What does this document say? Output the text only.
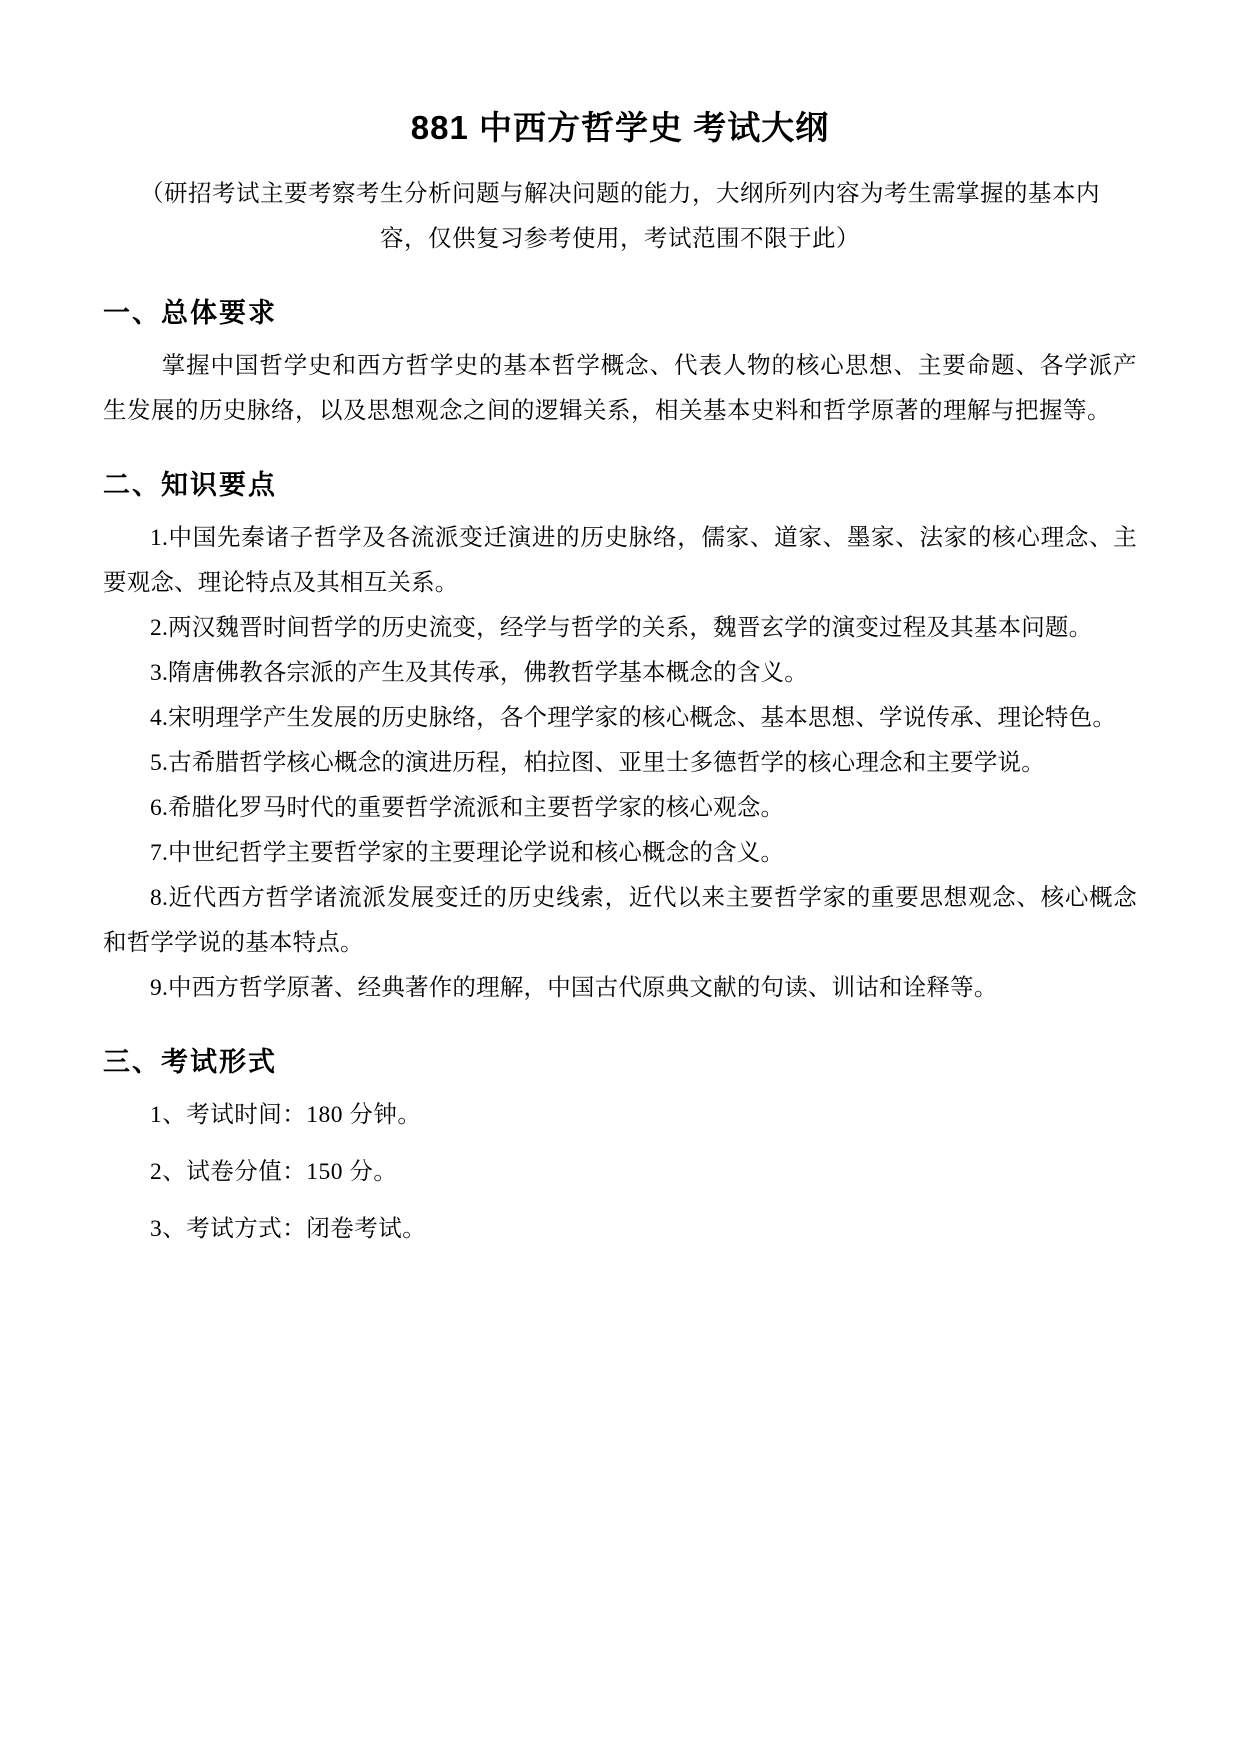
881 中西方哲学史 考试大纲
（研招考试主要考察考生分析问题与解决问题的能力，大纲所列内容为考生需掌握的基本内
容，仅供复习参考使用，考试范围不限于此）
一、总体要求

掌握中国哲学史和西方哲学史的基本哲学概念、代表人物的核心思想、主要命题、各学派产生发展的历史脉络，以及思想观念之间的逻辑关系，相关基本史料和哲学原著的理解与把握等。

二、知识要点

1.中国先秦诸子哲学及各流派变迁演进的历史脉络，儒家、道家、墨家、法家的核心理念、主要观念、理论特点及其相互关系。

2.两汉魏晋时间哲学的历史流变，经学与哲学的关系，魏晋玄学的演变过程及其基本问题。

3.隋唐佛教各宗派的产生及其传承，佛教哲学基本概念的含义。

4.宋明理学产生发展的历史脉络，各个理学家的核心概念、基本思想、学说传承、理论特色。

5.古希腊哲学核心概念的演进历程，柏拉图、亚里士多德哲学的核心理念和主要学说。

6.希腊化罗马时代的重要哲学流派和主要哲学家的核心观念。

7.中世纪哲学主要哲学家的主要理论学说和核心概念的含义。

8.近代西方哲学诸流派发展变迁的历史线索，近代以来主要哲学家的重要思想观念、核心概念和哲学学说的基本特点。

9.中西方哲学原著、经典著作的理解，中国古代原典文献的句读、训诂和诠释等。

三、考试形式

1、考试时间：180 分钟。

2、试卷分值：150 分。

3、考试方式：闭卷考试。
